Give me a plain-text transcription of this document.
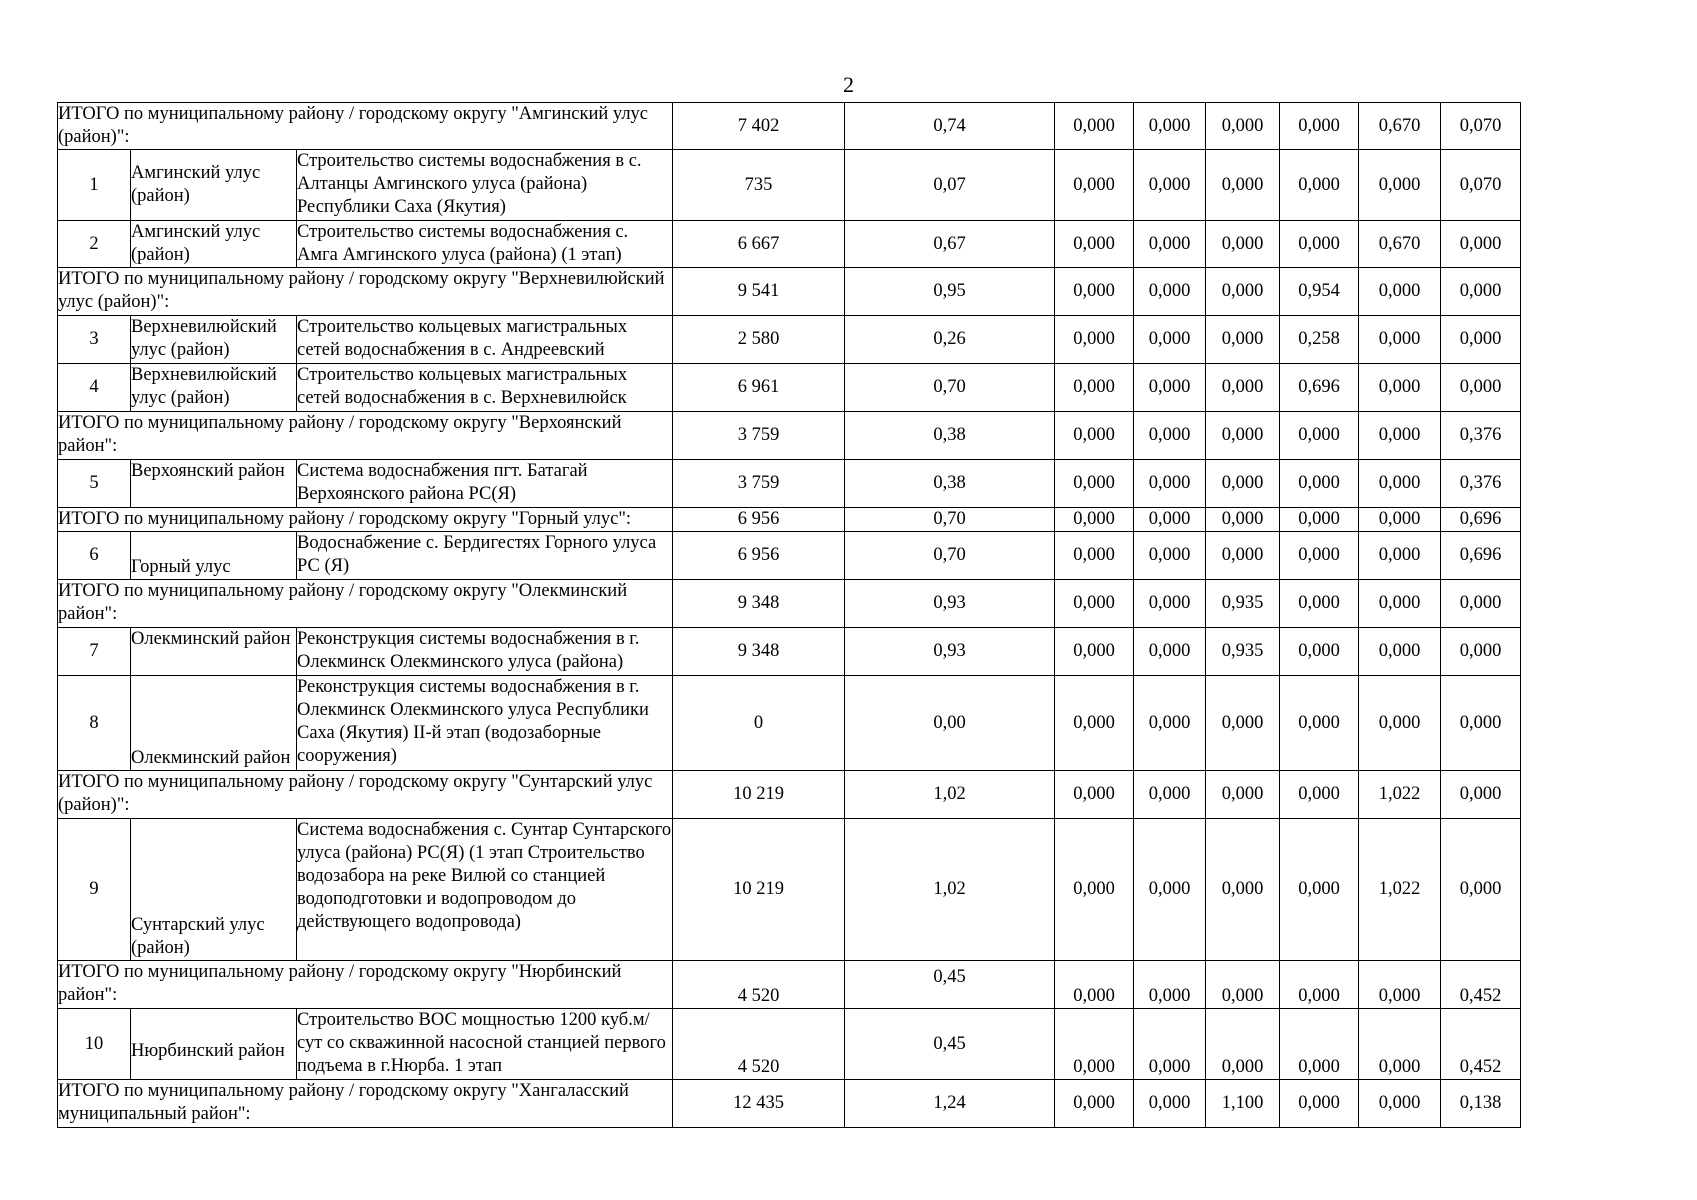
2
ИТОГО по муниципальному району / городскому округу "Амгинский улус (район)":			7 402	0,74	0,000	0,000	0,000	0,000	0,670	0,070
1	Амгинский улус (район)	Строительство системы водоснабжения в с. Алтанцы Амгинского улуса (района) Республики Саха (Якутия)	735	0,07	0,000	0,000	0,000	0,000	0,000	0,070
2	Амгинский улус (район)	Строительство системы водоснабжения с. Амга Амгинского улуса (района) (1 этап)	6 667	0,67	0,000	0,000	0,000	0,000	0,670	0,000
ИТОГО по муниципальному району / городскому округу "Верхневилюйский улус (район)":			9 541	0,95	0,000	0,000	0,000	0,954	0,000	0,000
3	Верхневилюйский улус (район)	Строительство кольцевых магистральных сетей водоснабжения в с. Андреевский	2 580	0,26	0,000	0,000	0,000	0,258	0,000	0,000
4	Верхневилюйский улус (район)	Строительство кольцевых магистральных сетей водоснабжения в с. Верхневилюйск	6 961	0,70	0,000	0,000	0,000	0,696	0,000	0,000
ИТОГО по муниципальному району / городскому округу "Верхоянский район":			3 759	0,38	0,000	0,000	0,000	0,000	0,000	0,376
5	Верхоянский район	Система водоснабжения пгт. Батагай Верхоянского района РС(Я)	3 759	0,38	0,000	0,000	0,000	0,000	0,000	0,376
ИТОГО по муниципальному району / городскому округу "Горный улус":			6 956	0,70	0,000	0,000	0,000	0,000	0,000	0,696
6	Горный улус	Водоснабжение с. Бердигестях Горного улуса РС (Я)	6 956	0,70	0,000	0,000	0,000	0,000	0,000	0,696
ИТОГО по муниципальному району / городскому округу "Олекминский район":			9 348	0,93	0,000	0,000	0,935	0,000	0,000	0,000
7	Олекминский район	Реконструкция системы водоснабжения в г. Олекминск Олекминского улуса (района)	9 348	0,93	0,000	0,000	0,935	0,000	0,000	0,000
8	Олекминский район	Реконструкция системы водоснабжения в г. Олекминск Олекминского улуса Республики Саха (Якутия) II-й этап (водозаборные сооружения)	0	0,00	0,000	0,000	0,000	0,000	0,000	0,000
ИТОГО по муниципальному району / городскому округу "Сунтарский улус (район)":			10 219	1,02	0,000	0,000	0,000	0,000	1,022	0,000
9	Сунтарский улус (район)	Система водоснабжения с. Сунтар Сунтарского улуса (района) РС(Я) (1 этап Строительство водозабора на реке Вилюй со станцией водоподготовки и водопроводом до действующего водопровода)	10 219	1,02	0,000	0,000	0,000	0,000	1,022	0,000
ИТОГО по муниципальному району / городскому округу "Нюрбинский район":			4 520	0,45	0,000	0,000	0,000	0,000	0,000	0,452
10	Нюрбинский район	Строительство ВОС мощностью 1200 куб.м/сут со скважинной насосной станцией первого подъема в г.Нюрба. 1 этап	4 520	0,45	0,000	0,000	0,000	0,000	0,000	0,452
ИТОГО по муниципальному району / городскому округу "Хангаласский муниципальный район":			12 435	1,24	0,000	0,000	1,100	0,000	0,000	0,138
